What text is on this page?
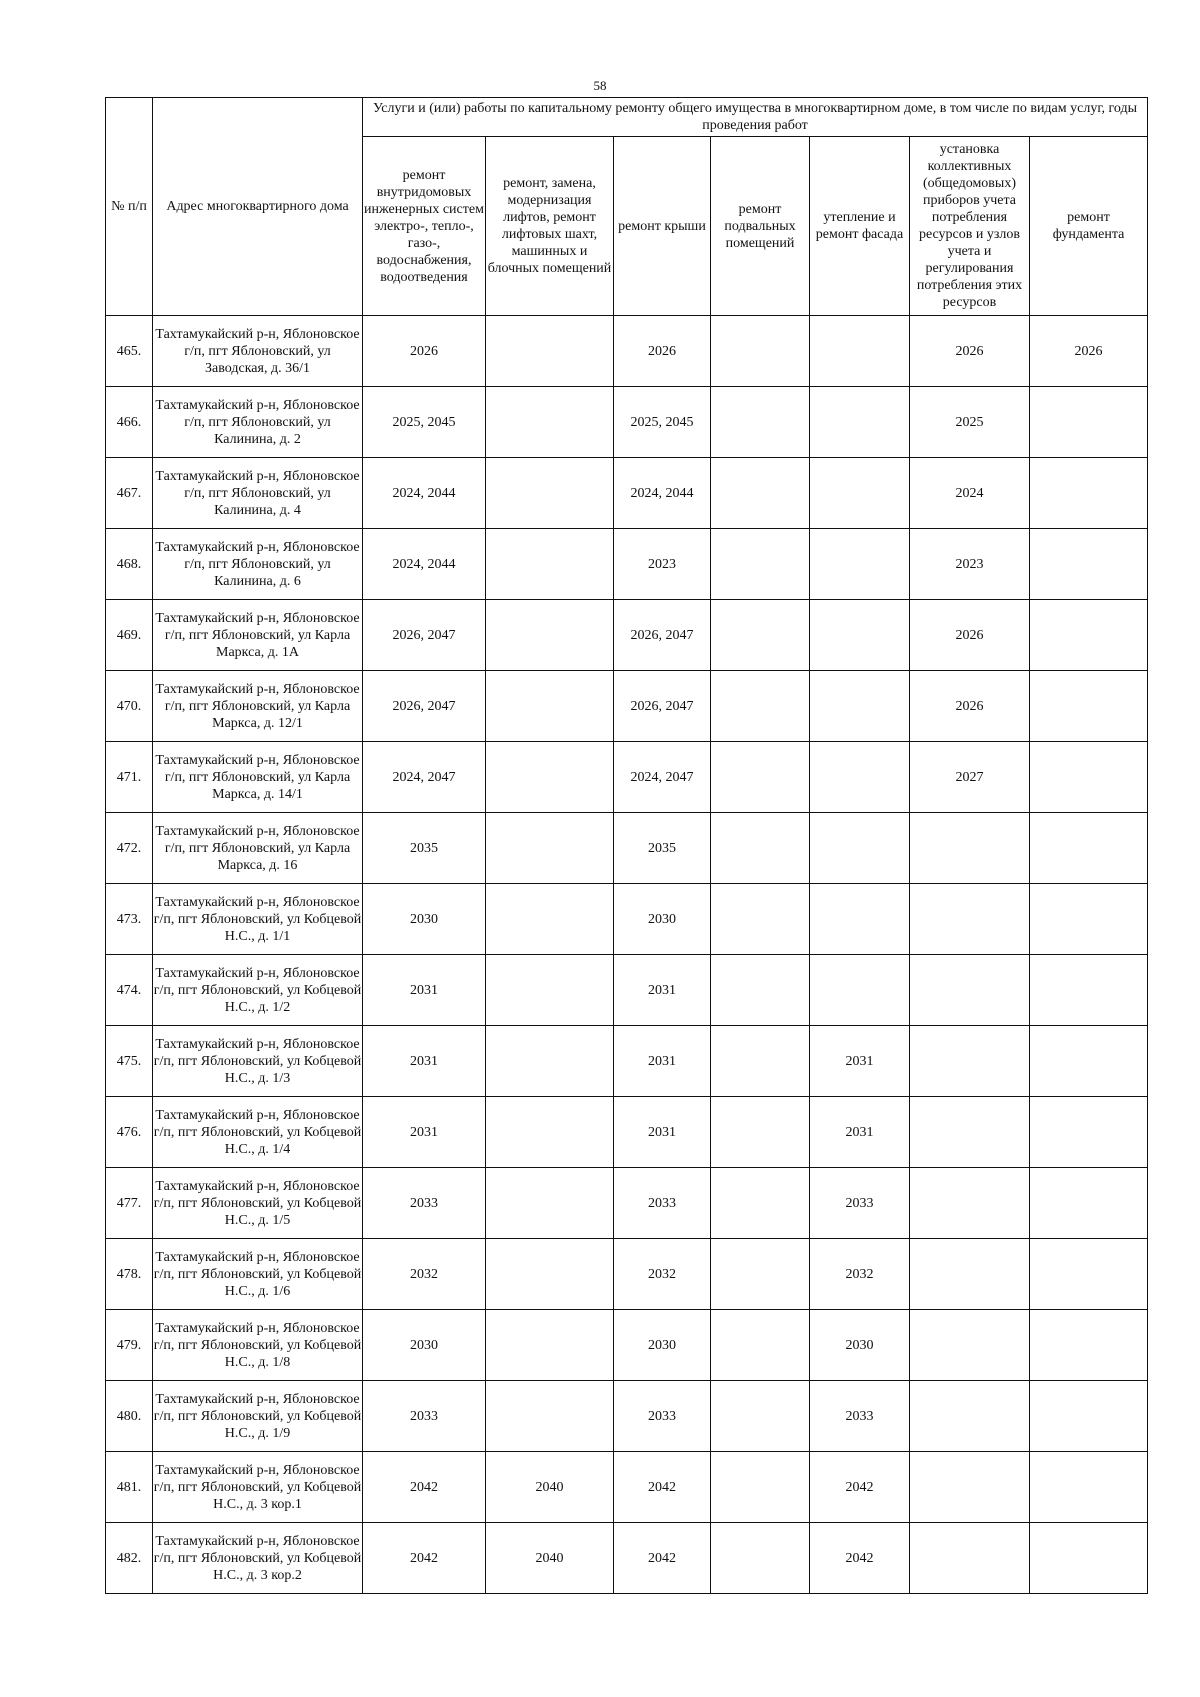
58
№ п/п	Адрес многоквартирного дома	Услуги и (или) работы по капитальному ремонту общего имущества в многоквартирном доме, в том числе по видам услуг, годы проведения работ						
		ремонт внутридомовых инженерных систем электро-, тепло-, газо-, водоснабжения, водоотведения	ремонт, замена, модернизация лифтов, ремонт лифтовых шахт, машинных и блочных помещений	ремонт крыши	ремонт подвальных помещений	утепление и ремонт фасада	установка коллективных (общедомовых) приборов учета потребления ресурсов и узлов учета и регулирования потребления этих ресурсов	ремонт фундамента
465.	Тахтамукайский р-н, Яблоновское г/п, пгт Яблоновский, ул Заводская, д. 36/1	2026		2026			2026	2026
466.	Тахтамукайский р-н, Яблоновское г/п, пгт Яблоновский, ул Калинина, д. 2	2025, 2045		2025, 2045			2025	
467.	Тахтамукайский р-н, Яблоновское г/п, пгт Яблоновский, ул Калинина, д. 4	2024, 2044		2024, 2044			2024	
468.	Тахтамукайский р-н, Яблоновское г/п, пгт Яблоновский, ул Калинина, д. 6	2024, 2044		2023			2023	
469.	Тахтамукайский р-н, Яблоновское г/п, пгт Яблоновский, ул Карла Маркса, д. 1А	2026, 2047		2026, 2047			2026	
470.	Тахтамукайский р-н, Яблоновское г/п, пгт Яблоновский, ул Карла Маркса, д. 12/1	2026, 2047		2026, 2047			2026	
471.	Тахтамукайский р-н, Яблоновское г/п, пгт Яблоновский, ул Карла Маркса, д. 14/1	2024, 2047		2024, 2047			2027	
472.	Тахтамукайский р-н, Яблоновское г/п, пгт Яблоновский, ул Карла Маркса, д. 16	2035		2035				
473.	Тахтамукайский р-н, Яблоновское г/п, пгт Яблоновский, ул Кобцевой Н.С., д. 1/1	2030		2030				
474.	Тахтамукайский р-н, Яблоновское г/п, пгт Яблоновский, ул Кобцевой Н.С., д. 1/2	2031		2031				
475.	Тахтамукайский р-н, Яблоновское г/п, пгт Яблоновский, ул Кобцевой Н.С., д. 1/3	2031		2031		2031		
476.	Тахтамукайский р-н, Яблоновское г/п, пгт Яблоновский, ул Кобцевой Н.С., д. 1/4	2031		2031		2031		
477.	Тахтамукайский р-н, Яблоновское г/п, пгт Яблоновский, ул Кобцевой Н.С., д. 1/5	2033		2033		2033		
478.	Тахтамукайский р-н, Яблоновское г/п, пгт Яблоновский, ул Кобцевой Н.С., д. 1/6	2032		2032		2032		
479.	Тахтамукайский р-н, Яблоновское г/п, пгт Яблоновский, ул Кобцевой Н.С., д. 1/8	2030		2030		2030		
480.	Тахтамукайский р-н, Яблоновское г/п, пгт Яблоновский, ул Кобцевой Н.С., д. 1/9	2033		2033		2033		
481.	Тахтамукайский р-н, Яблоновское г/п, пгт Яблоновский, ул Кобцевой Н.С., д. 3 кор.1	2042	2040	2042		2042		
482.	Тахтамукайский р-н, Яблоновское г/п, пгт Яблоновский, ул Кобцевой Н.С., д. 3 кор.2	2042	2040	2042		2042		
